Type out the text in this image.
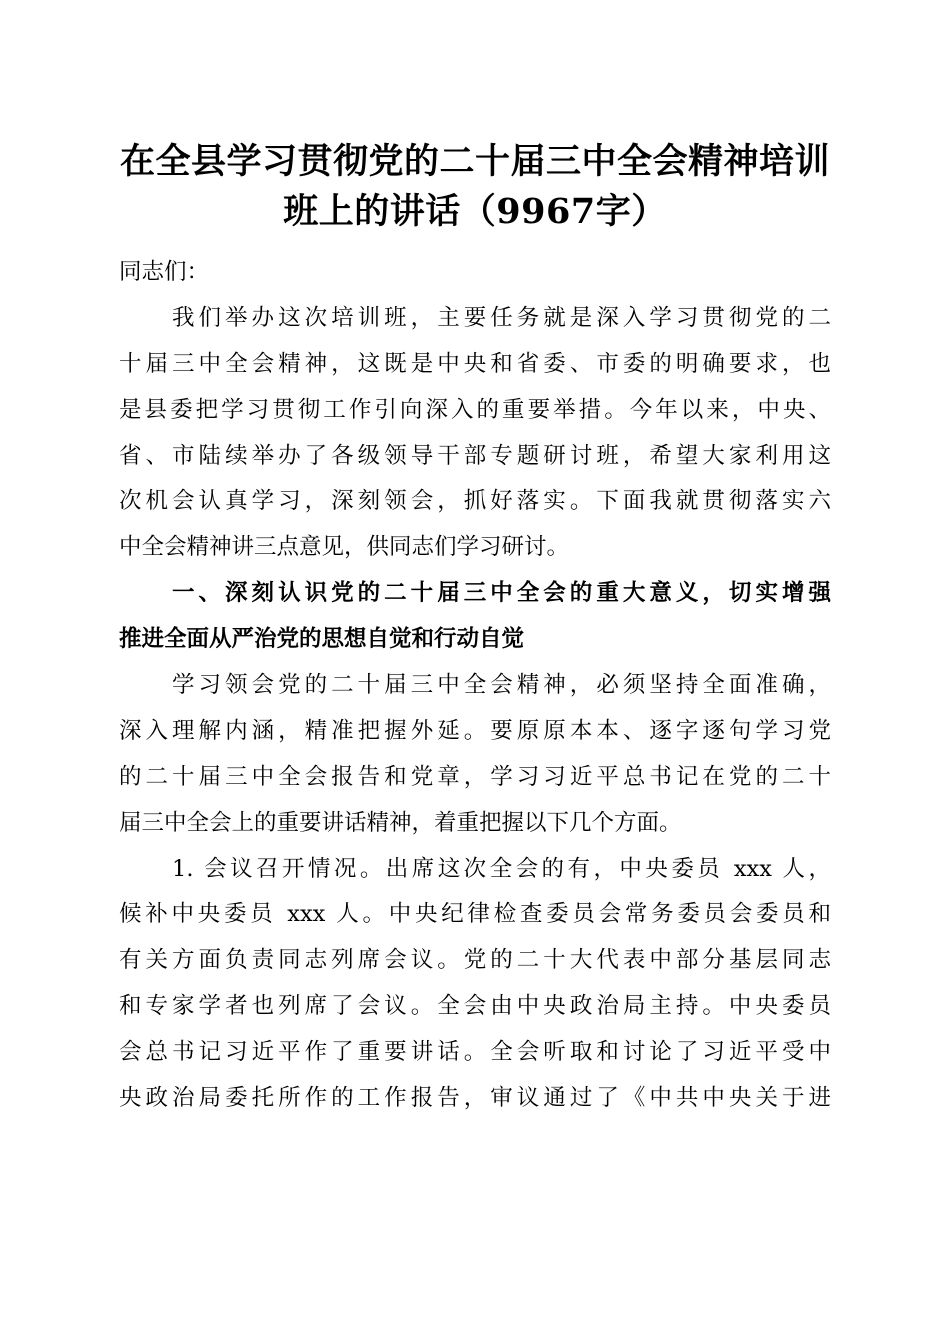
在全县学习贯彻党的二十届三中全会精神培训
班上的讲话（9967字）
同志们：
我们举办这次培训班，主要任务就是深入学习贯彻党的二
十届三中全会精神，这既是中央和省委、市委的明确要求，也
是县委把学习贯彻工作引向深入的重要举措。今年以来，中央、
省、市陆续举办了各级领导干部专题研讨班，希望大家利用这
次机会认真学习，深刻领会，抓好落实。下面我就贯彻落实六
中全会精神讲三点意见，供同志们学习研讨。
一、深刻认识党的二十届三中全会的重大意义，切实增强
推进全面从严治党的思想自觉和行动自觉
学习领会党的二十届三中全会精神，必须坚持全面准确，
深入理解内涵，精准把握外延。要原原本本、逐字逐句学习党
的二十届三中全会报告和党章，学习习近平总书记在党的二十
届三中全会上的重要讲话精神，着重把握以下几个方面。
1. 会议召开情况。出席这次全会的有，中央委员 xxx 人，
候补中央委员 xxx 人。中央纪律检查委员会常务委员会委员和
有关方面负责同志列席会议。党的二十大代表中部分基层同志
和专家学者也列席了会议。全会由中央政治局主持。中央委员
会总书记习近平作了重要讲话。全会听取和讨论了习近平受中
央政治局委托所作的工作报告，审议通过了《中共中央关于进
